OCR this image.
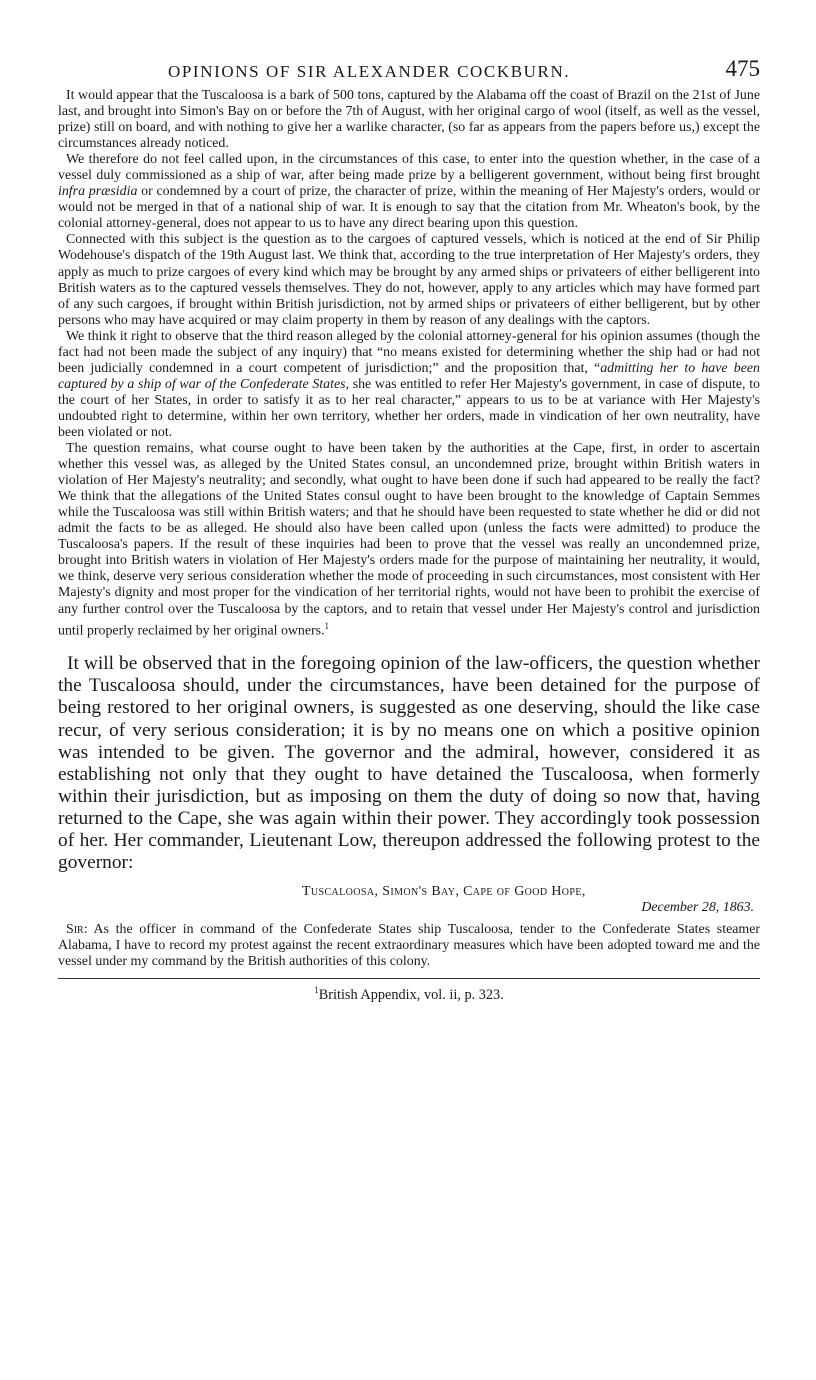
OPINIONS OF SIR ALEXANDER COCKBURN.	475

It would appear that the Tuscaloosa is a bark of 500 tons, captured by the Alabama off the coast of Brazil on the 21st of June last, and brought into Simon's Bay on or before the 7th of August, with her original cargo of wool (itself, as well as the vessel, prize) still on board, and with nothing to give her a warlike character, (so far as appears from the papers before us,) except the circumstances already noticed.

We therefore do not feel called upon, in the circumstances of this case, to enter into the question whether, in the case of a vessel duly commissioned as a ship of war, after being made prize by a belligerent government, without being first brought infra præsidia or condemned by a court of prize, the character of prize, within the meaning of Her Majesty's orders, would or would not be merged in that of a national ship of war. It is enough to say that the citation from Mr. Wheaton's book, by the colonial attorney-general, does not appear to us to have any direct bearing upon this question.

Connected with this subject is the question as to the cargoes of captured vessels, which is noticed at the end of Sir Philip Wodehouse's dispatch of the 19th August last. We think that, according to the true interpretation of Her Majesty's orders, they apply as much to prize cargoes of every kind which may be brought by any armed ships or privateers of either belligerent into British waters as to the captured vessels themselves. They do not, however, apply to any articles which may have formed part of any such cargoes, if brought within British jurisdiction, not by armed ships or privateers of either belligerent, but by other persons who may have acquired or may claim property in them by reason of any dealings with the captors.

We think it right to observe that the third reason alleged by the colonial attorney-general for his opinion assumes (though the fact had not been made the subject of any inquiry) that “no means existed for determining whether the ship had or had not been judicially condemned in a court competent of jurisdiction;” and the proposition that, “admitting her to have been captured by a ship of war of the Confederate States, she was entitled to refer Her Majesty's government, in case of dispute, to the court of her States, in order to satisfy it as to her real character,” appears to us to be at variance with Her Majesty's undoubted right to determine, within her own territory, whether her orders, made in vindication of her own neutrality, have been violated or not.

The question remains, what course ought to have been taken by the authorities at the Cape, first, in order to ascertain whether this vessel was, as alleged by the United States consul, an uncondemned prize, brought within British waters in violation of Her Majesty's neutrality; and secondly, what ought to have been done if such had appeared to be really the fact? We think that the allegations of the United States consul ought to have been brought to the knowledge of Captain Semmes while the Tuscaloosa was still within British waters; and that he should have been requested to state whether he did or did not admit the facts to be as alleged. He should also have been called upon (unless the facts were admitted) to produce the Tuscaloosa's papers. If the result of these inquiries had been to prove that the vessel was really an uncondemned prize, brought into British waters in violation of Her Majesty's orders made for the purpose of maintaining her neutrality, it would, we think, deserve very serious consideration whether the mode of proceeding in such circumstances, most consistent with Her Majesty's dignity and most proper for the vindication of her territorial rights, would not have been to prohibit the exercise of any further control over the Tuscaloosa by the captors, and to retain that vessel under Her Majesty's control and jurisdiction until properly reclaimed by her original owners.$^1$

It will be observed that in the foregoing opinion of the law-officers, the question whether the Tuscaloosa should, under the circumstances, have been detained for the purpose of being restored to her original owners, is suggested as one deserving, should the like case recur, of very serious consideration; it is by no means one on which a positive opinion was intended to be given. The governor and the admiral, however, considered it as establishing not only that they ought to have detained the Tuscaloosa, when formerly within their jurisdiction, but as imposing on them the duty of doing so now that, having returned to the Cape, she was again within their power. They accordingly took possession of her. Her commander, Lieutenant Low, thereupon addressed the following protest to the governor:
Tuscaloosa, Simon's Bay, Cape of Good Hope,
December 28, 1863.
Sir: As the officer in command of the Confederate States ship Tuscaloosa, tender to the Confederate States steamer Alabama, I have to record my protest against the recent extraordinary measures which have been adopted toward me and the vessel under my command by the British authorities of this colony.
$^1$British Appendix, vol. ii, p. 323.
